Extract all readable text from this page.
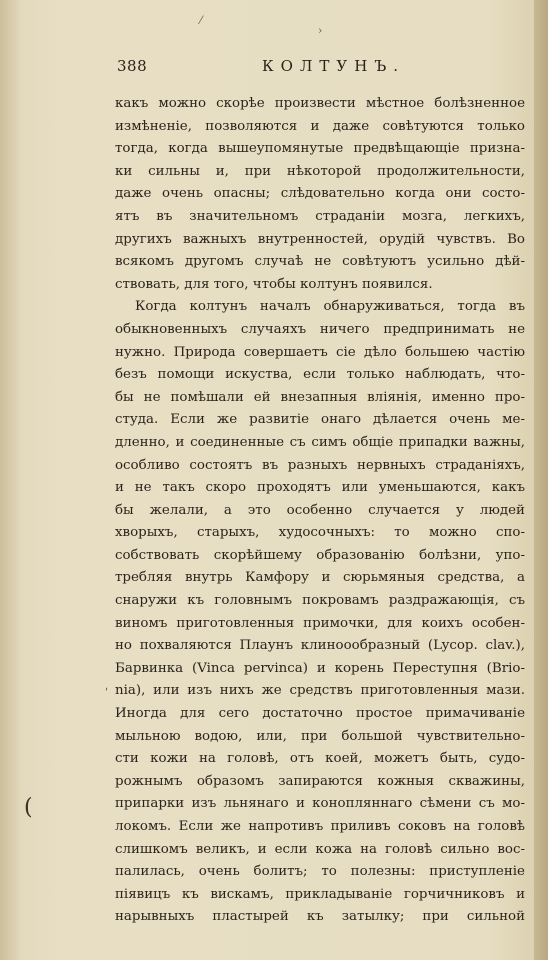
⁄
›
388	КОЛТУНЪ.
(
ʹ
какъ можно скорѣе произвести мѣстное болѣзненное
измѣненіе, позволяются и даже совѣтуются только
тогда, когда вышеупомянутые предвѣщающіе призна-
ки сильны и, при нѣкоторой продолжительности,
даже очень опасны; слѣдовательно когда они состо-
ятъ въ значительномъ страданіи мозга, легкихъ,
другихъ важныхъ внутренностей, орудій чувствъ. Во
всякомъ другомъ случаѣ не совѣтуютъ усильно дѣй-
ствовать, для того, чтобы колтунъ появился.
Когда колтунъ началъ обнаруживаться, тогда въ
обыкновенныхъ случаяхъ ничего предпринимать не
нужно. Природа совершаетъ сіе дѣло большею частію
безъ помощи искуства, если только наблюдать, что-
бы не помѣшали ей внезапныя вліянія, именно про-
студа. Если же развитіе онаго дѣлается очень ме-
дленно, и соединенные съ симъ общіе припадки важны,
особливо состоятъ въ разныхъ нервныхъ страданіяхъ,
и не такъ скоро проходятъ или уменьшаются, какъ
бы желали, а это особенно случается у людей
хворыхъ, старыхъ, худосочныхъ: то можно спо-
собствовать скорѣйшему образованію болѣзни, упо-
требляя внутрь Камфору и сюрьмяныя средства, а
снаружи къ головнымъ покровамъ раздражающія, съ
виномъ приготовленныя примочки, для коихъ особен-
но похваляются Плаунъ клиноообразный (Lycop. clav.),
Барвинка (Vinca pervinca) и корень Переступня (Brio-
nia), или изъ нихъ же средствъ приготовленныя мази.
Иногда для сего достаточно простое примачиваніе
мыльною водою, или, при большой чувствительно-
сти кожи на головѣ, отъ коей, можетъ быть, судо-
рожнымъ образомъ запираются кожныя скважины,
припарки изъ льнянаго и конопляннаго сѣмени съ мо-
локомъ. Если же напротивъ приливъ соковъ на головѣ
слишкомъ великъ, и если кожа на головѣ сильно вос-
палилась, очень болитъ; то полезны: приступленіе
піявицъ къ вискамъ, прикладываніе горчичниковъ и
нарывныхъ пластырей къ затылку; при сильной
